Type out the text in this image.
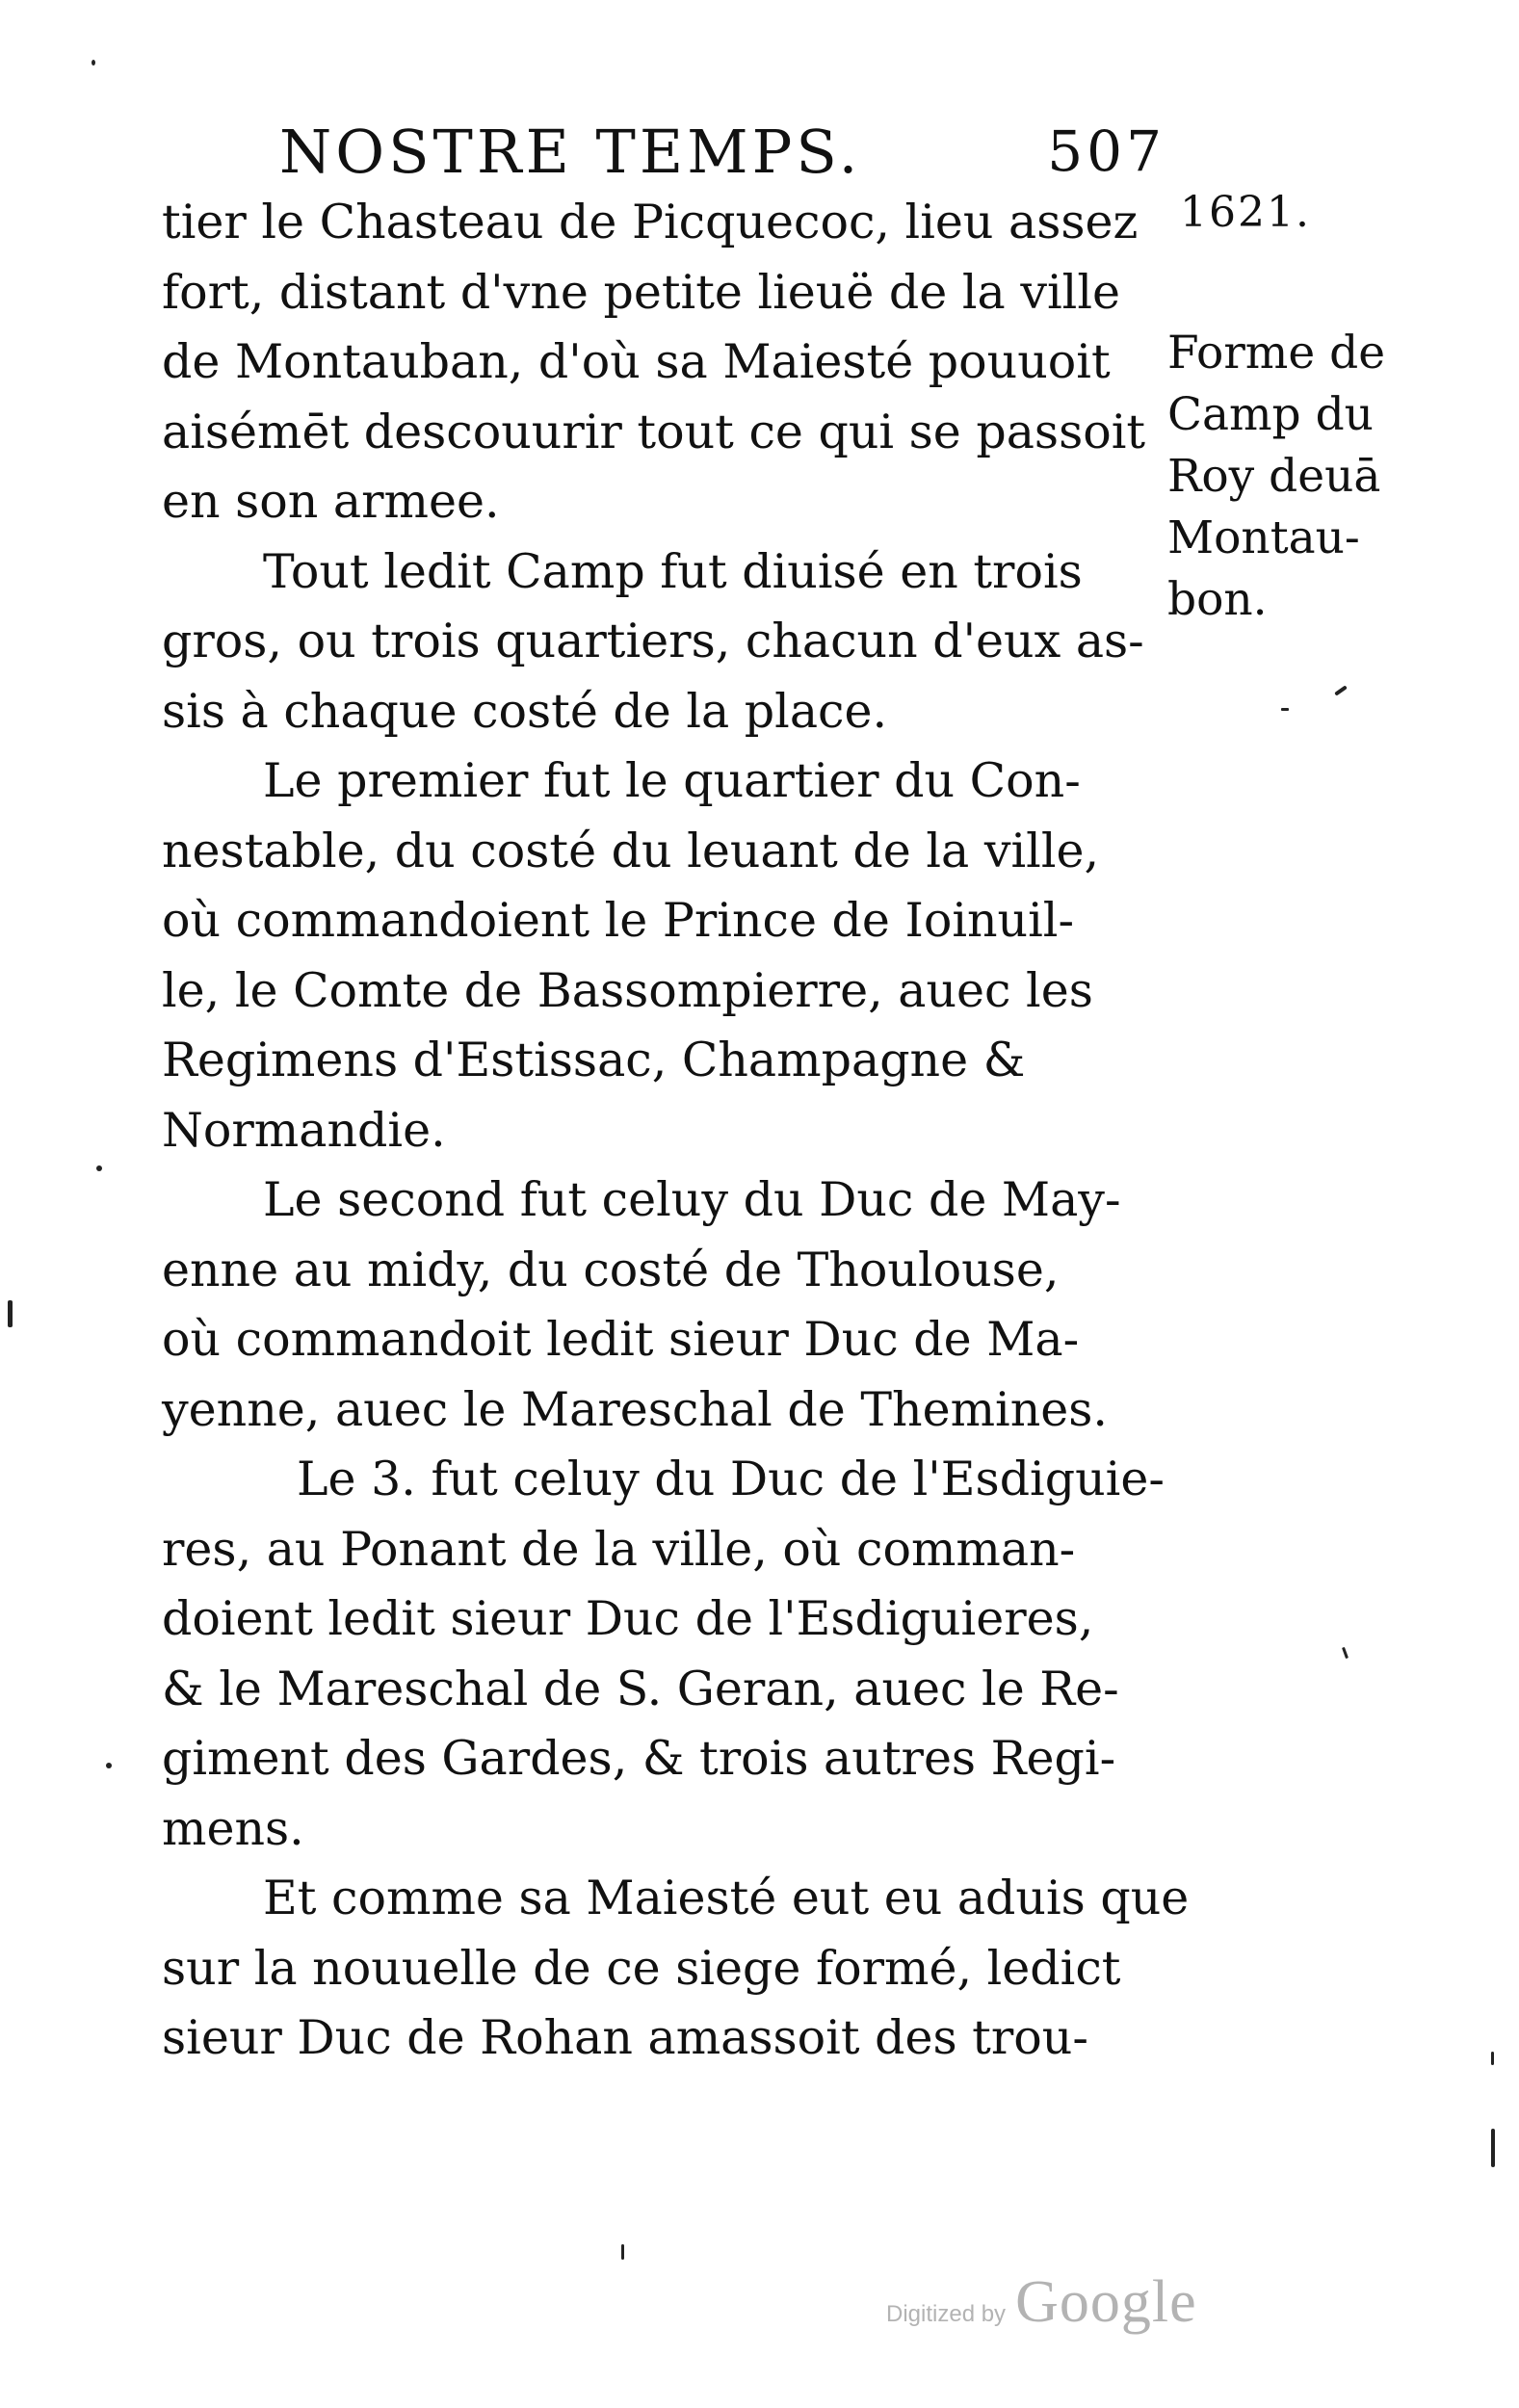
NOSTRE TEMPS.	507
1621.
Forme de
Camp du
Roy deuā
Montau-
bon.
tier le Chasteau de Picquecoc, lieu assez
fort, distant d'vne petite lieuë de la ville
de Montauban, d'où sa Maiesté pouuoit
aisémēt descouurir tout ce qui se passoit
en son armee.
Tout ledit Camp fut diuisé en trois
gros, ou trois quartiers, chacun d'eux as-
sis à chaque costé de la place.
Le premier fut le quartier du Con-
nestable, du costé du leuant de la ville,
où commandoient le Prince de Ioinuil-
le, le Comte de Bassompierre, auec les
Regimens d'Estissac, Champagne &
Normandie.
Le second fut celuy du Duc de May-
enne au midy, du costé de Thoulouse,
où commandoit ledit sieur Duc de Ma-
yenne, auec le Mareschal de Themines.
Le 3. fut celuy du Duc de l'Esdiguie-
res, au Ponant de la ville, où comman-
doient ledit sieur Duc de l'Esdiguieres,
& le Mareschal de S. Geran, auec le Re-
giment des Gardes, & trois autres Regi-
mens.
Et comme sa Maiesté eut eu aduis que
sur la nouuelle de ce siege formé, ledict
sieur Duc de Rohan amassoit des trou-
Digitized by Google
